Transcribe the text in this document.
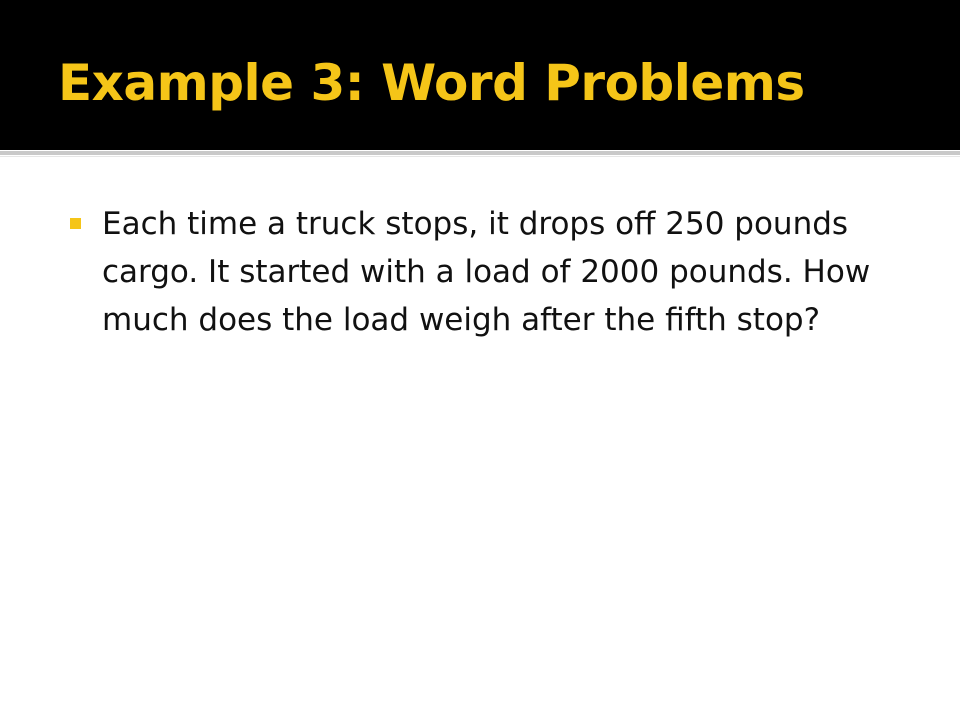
Example 3: Word Problems
Each time a truck stops, it drops off 250 pounds cargo. It started with a load of 2000 pounds. How much does the load weigh after the fifth stop?
